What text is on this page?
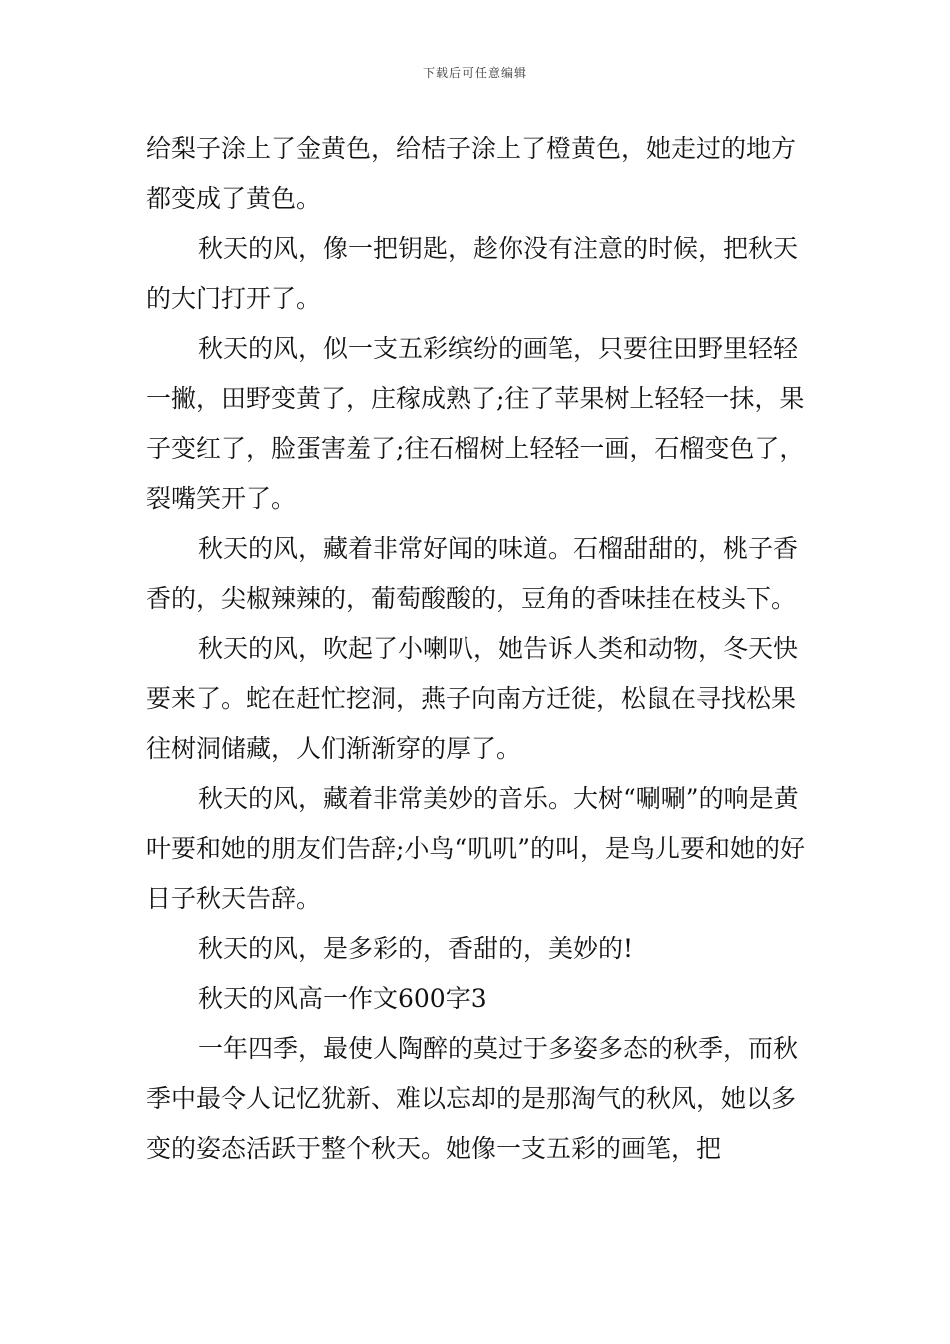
下载后可任意编辑

给梨子涂上了金黄色，给桔子涂上了橙黄色，她走过的地方都变成了黄色。

秋天的风，像一把钥匙，趁你没有注意的时候，把秋天的大门打开了。

秋天的风，似一支五彩缤纷的画笔，只要往田野里轻轻一撇，田野变黄了，庄稼成熟了;往了苹果树上轻轻一抹，果子变红了，脸蛋害羞了;往石榴树上轻轻一画，石榴变色了，裂嘴笑开了。

秋天的风，藏着非常好闻的味道。石榴甜甜的，桃子香香的，尖椒辣辣的，葡萄酸酸的，豆角的香味挂在枝头下。

秋天的风，吹起了小喇叭，她告诉人类和动物，冬天快要来了。蛇在赶忙挖洞，燕子向南方迁徙，松鼠在寻找松果往树洞储藏，人们渐渐穿的厚了。

秋天的风，藏着非常美妙的音乐。大树“唰唰”的响是黄叶要和她的朋友们告辞;小鸟“叽叽”的叫，是鸟儿要和她的好日子秋天告辞。

秋天的风，是多彩的，香甜的，美妙的!

秋天的风高一作文600字3

一年四季，最使人陶醉的莫过于多姿多态的秋季，而秋季中最令人记忆犹新、难以忘却的是那淘气的秋风，她以多变的姿态活跃于整个秋天。她像一支五彩的画笔，把
